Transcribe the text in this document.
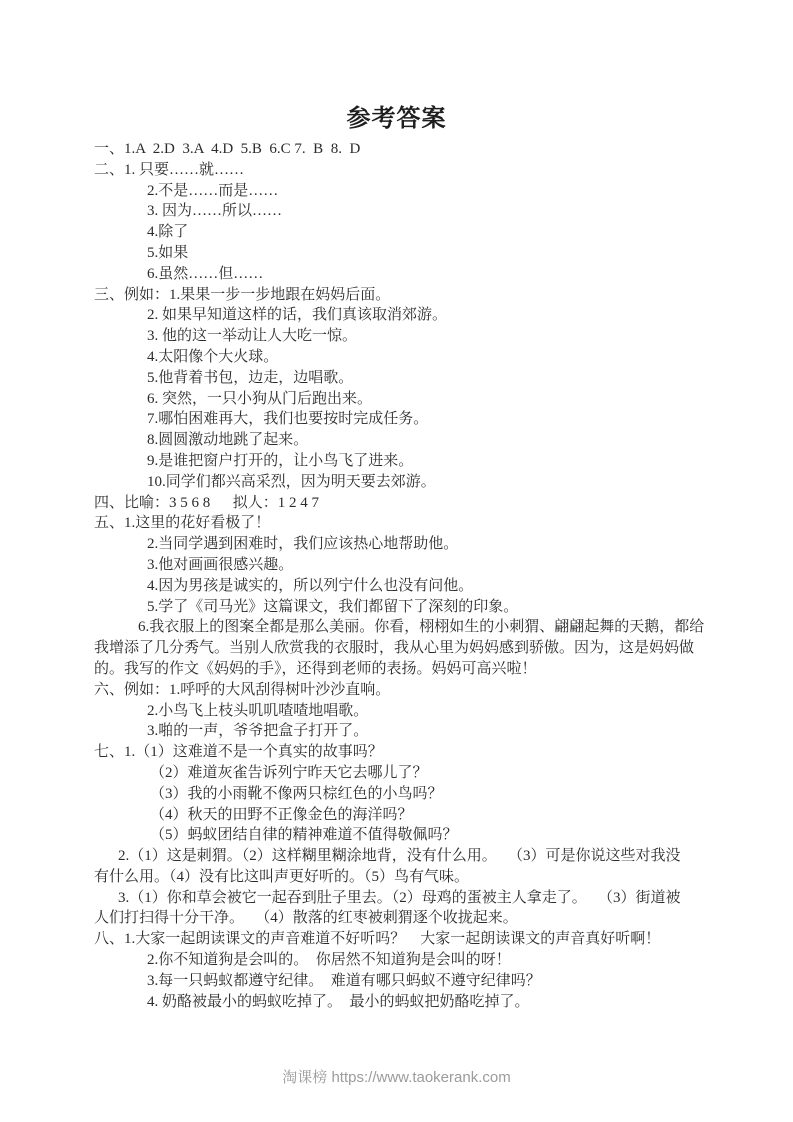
参考答案
一、1.A  2.D  3.A  4.D  5.B  6.C 7.  B  8.  D
二、1. 只要……就……
2.不是……而是……
3. 因为……所以……
4.除了
5.如果
6.虽然……但……
三、例如：1.果果一步一步地跟在妈妈后面。
2. 如果早知道这样的话，我们真该取消郊游。
3. 他的这一举动让人大吃一惊。
4.太阳像个大火球。
5.他背着书包，边走，边唱歌。
6. 突然，一只小狗从门后跑出来。
7.哪怕困难再大，我们也要按时完成任务。
8.圆圆激动地跳了起来。
9.是谁把窗户打开的，让小鸟飞了进来。
10.同学们都兴高采烈，因为明天要去郊游。
四、比喻：3 5 6 8      拟人：1 2 4 7
五、1.这里的花好看极了！
2.当同学遇到困难时，我们应该热心地帮助他。
3.他对画画很感兴趣。
4.因为男孩是诚实的，所以列宁什么也没有问他。
5.学了《司马光》这篇课文，我们都留下了深刻的印象。
6.我衣服上的图案全都是那么美丽。你看，栩栩如生的小刺猬、翩翩起舞的天鹅，都给
我增添了几分秀气。当别人欣赏我的衣服时，我从心里为妈妈感到骄傲。因为，这是妈妈做
的。我写的作文《妈妈的手》，还得到老师的表扬。妈妈可高兴啦！
六、例如：1.呼呼的大风刮得树叶沙沙直响。
2.小鸟飞上枝头叽叽喳喳地唱歌。
3.啪的一声，爷爷把盒子打开了。
七、1.（1）这难道不是一个真实的故事吗？
（2）难道灰雀告诉列宁昨天它去哪儿了？
（3）我的小雨靴不像两只棕红色的小鸟吗？
（4）秋天的田野不正像金色的海洋吗？
（5）蚂蚁团结自律的精神难道不值得敬佩吗？
2.（1）这是刺猬。（2）这样糊里糊涂地背，没有什么用。   （3）可是你说这些对我没
有什么用。（4）没有比这叫声更好听的。（5）鸟有气味。
3.（1）你和草会被它一起吞到肚子里去。（2）母鸡的蛋被主人拿走了。   （3）街道被
人们打扫得十分干净。   （4）散落的红枣被刺猬逐个收拢起来。
八、1.大家一起朗读课文的声音难道不好听吗？    大家一起朗读课文的声音真好听啊！
2.你不知道狗是会叫的。  你居然不知道狗是会叫的呀！
3.每一只蚂蚁都遵守纪律。  难道有哪只蚂蚁不遵守纪律吗？
4. 奶酪被最小的蚂蚁吃掉了。  最小的蚂蚁把奶酪吃掉了。
淘课榜 https://www.taokerank.com
